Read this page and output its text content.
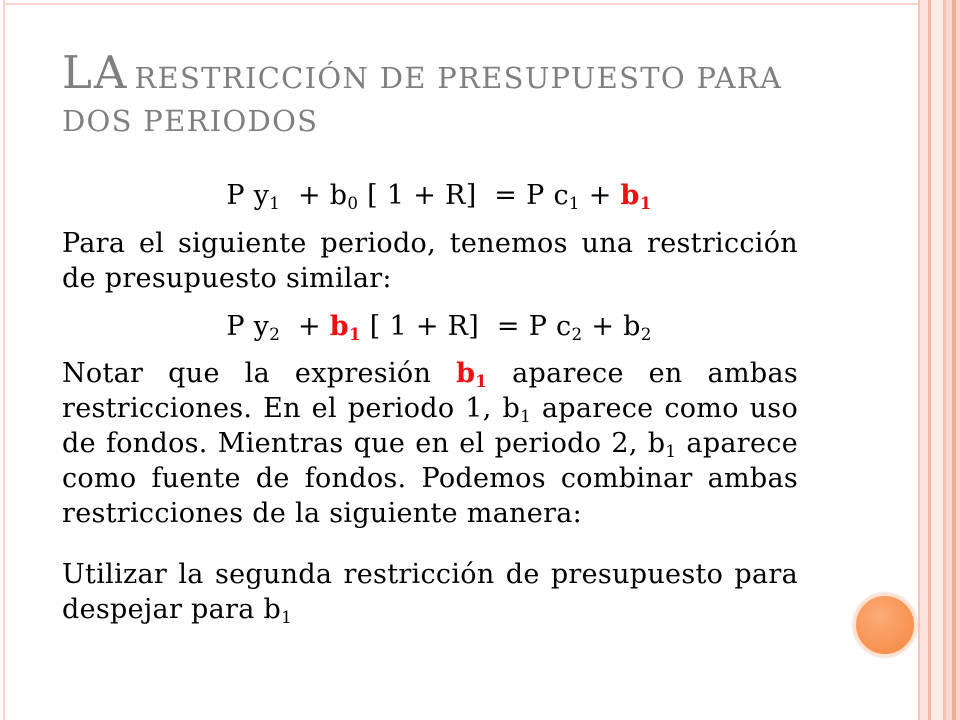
LA RESTRICCIÓN DE PRESUPUESTO PARA
DOS PERIODOS
P $y_1 + b_0$ [ 1 + R]  = P $c_1 + b_1$
Para el siguiente periodo, tenemos una restricción
de presupuesto similar:
P $y_2 + b_1$ [ 1 + R]  = P $c_2 + b_2$
Notar que la expresión $b_1$ aparece en ambas
restricciones. En el periodo 1, $b_1$ aparece como uso
de fondos. Mientras que en el periodo 2, $b_1$ aparece
como fuente de fondos. Podemos combinar ambas
restricciones de la siguiente manera:
Utilizar la segunda restricción de presupuesto para
despejar para $b_1$
